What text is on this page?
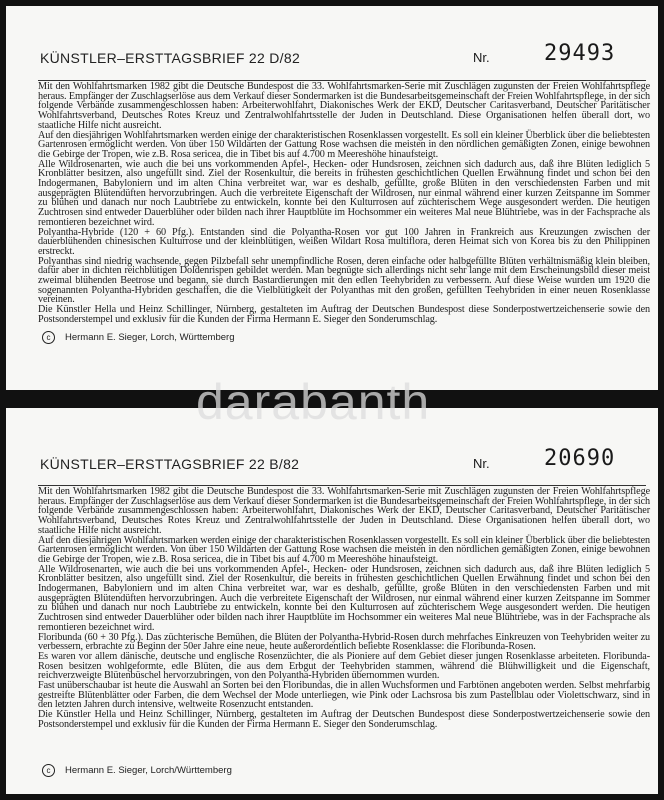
KÜNSTLER–ERSTTAGSBRIEF 22 D/82	Nr. 29493

Mit den Wohlfahrtsmarken 1982 gibt die Deutsche Bundespost die 33. Wohlfahrtsmarken-Serie mit Zuschlägen zugunsten der Freien Wohlfahrtspflege heraus. Empfänger der Zuschlagserlöse aus dem Verkauf dieser Sondermarken ist die Bundesarbeitsgemeinschaft der Freien Wohlfahrtspflege, in der sich folgende Verbände zusammengeschlossen haben: Arbeiterwohlfahrt, Diakonisches Werk der EKD, Deutscher Caritasverband, Deutscher Paritätischer Wohlfahrtsverband, Deutsches Rotes Kreuz und Zentralwohlfahrtsstelle der Juden in Deutschland. Diese Organisationen helfen überall dort, wo staatliche Hilfe nicht ausreicht.

Auf den diesjährigen Wohlfahrtsmarken werden einige der charakteristischen Rosenklassen vorgestellt. Es soll ein kleiner Überblick über die beliebtesten Gartenrosen ermöglicht werden. Von über 150 Wildarten der Gattung Rose wachsen die meisten in den nördlichen gemäßigten Zonen, einige bewohnen die Gebirge der Tropen, wie z.B. Rosa sericea, die in Tibet bis auf 4.700 m Meereshöhe hinaufsteigt.

Alle Wildrosenarten, wie auch die bei uns vorkommenden Apfel-, Hecken- oder Hundsrosen, zeichnen sich dadurch aus, daß ihre Blüten lediglich 5 Kronblätter besitzen, also ungefüllt sind. Ziel der Rosenkultur, die bereits in frühesten geschichtlichen Quellen Erwähnung findet und schon bei den Indogermanen, Babyloniern und im alten China verbreitet war, war es deshalb, gefüllte, große Blüten in den verschiedensten Farben und mit ausgeprägten Blütendüften hervorzubringen. Auch die verbreitete Eigenschaft der Wildrosen, nur einmal während einer kurzen Zeitspanne im Sommer zu blühen und danach nur noch Laubtriebe zu entwickeln, konnte bei den Kulturrosen auf züchterischem Wege ausgesondert werden. Die heutigen Zuchtrosen sind entweder Dauerblüher oder bilden nach ihrer Hauptblüte im Hochsommer ein weiteres Mal neue Blühtriebe, was in der Fachsprache als remontieren bezeichnet wird.

Polyantha-Hybride (120 + 60 Pfg.). Entstanden sind die Polyantha-Rosen vor gut 100 Jahren in Frankreich aus Kreuzungen zwischen der dauerblühenden chinesischen Kulturrose und der kleinblütigen, weißen Wildart Rosa multiflora, deren Heimat sich von Korea bis zu den Philippinen erstreckt.

Polyanthas sind niedrig wachsende, gegen Pilzbefall sehr unempfindliche Rosen, deren einfache oder halbgefüllte Blüten verhältnismäßig klein bleiben, dafür aber in dichten reichblütigen Doldenrispen gebildet werden. Man begnügte sich allerdings nicht sehr lange mit dem Erscheinungsbild dieser meist zweimal blühenden Beetrose und begann, sie durch Bastardierungen mit den edlen Teehybriden zu verbessern. Auf diese Weise wurden um 1920 die sogenannten Polyantha-Hybriden geschaffen, die die Vielblütigkeit der Polyanthas mit den großen, gefüllten Teehybriden in einer neuen Rosenklasse vereinen.

Die Künstler Hella und Heinz Schillinger, Nürnberg, gestalteten im Auftrag der Deutschen Bundespost diese Sonderpostwertzeichenserie sowie den Postsonderstempel und exklusiv für die Kunden der Firma Hermann E. Sieger den Sonderumschlag.

c	Hermann E. Sieger, Lorch, Württemberg
KÜNSTLER–ERSTTAGSBRIEF 22 B/82	Nr. 20690

Mit den Wohlfahrtsmarken 1982 gibt die Deutsche Bundespost die 33. Wohlfahrtsmarken-Serie mit Zuschlägen zugunsten der Freien Wohlfahrtspflege heraus. Empfänger der Zuschlagserlöse aus dem Verkauf dieser Sondermarken ist die Bundesarbeitsgemeinschaft der Freien Wohlfahrtspflege, in der sich folgende Verbände zusammengeschlossen haben: Arbeiterwohlfahrt, Diakonisches Werk der EKD, Deutscher Caritasverband, Deutscher Paritätischer Wohlfahrtsverband, Deutsches Rotes Kreuz und Zentralwohlfahrtsstelle der Juden in Deutschland. Diese Organisationen helfen überall dort, wo staatliche Hilfe nicht ausreicht.

Auf den diesjährigen Wohlfahrtsmarken werden einige der charakteristischen Rosenklassen vorgestellt. Es soll ein kleiner Überblick über die beliebtesten Gartenrosen ermöglicht werden. Von über 150 Wildarten der Gattung Rose wachsen die meisten in den nördlichen gemäßigten Zonen, einige bewohnen die Gebirge der Tropen, wie z.B. Rosa sericea, die in Tibet bis auf 4.700 m Meereshöhe hinaufsteigt.

Alle Wildrosenarten, wie auch die bei uns vorkommenden Apfel-, Hecken- oder Hundsrosen, zeichnen sich dadurch aus, daß ihre Blüten lediglich 5 Kronblätter besitzen, also ungefüllt sind. Ziel der Rosenkultur, die bereits in frühesten geschichtlichen Quellen Erwähnung findet und schon bei den Indogermanen, Babyloniern und im alten China verbreitet war, war es deshalb, gefüllte, große Blüten in den verschiedensten Farben und mit ausgeprägten Blütendüften hervorzubringen. Auch die verbreitete Eigenschaft der Wildrosen, nur einmal während einer kurzen Zeitspanne im Sommer zu blühen und danach nur noch Laubtriebe zu entwickeln, konnte bei den Kulturrosen auf züchterischem Wege ausgesondert werden. Die heutigen Zuchtrosen sind entweder Dauerblüher oder bilden nach ihrer Hauptblüte im Hochsommer ein weiteres Mal neue Blühtriebe, was in der Fachsprache als remontieren bezeichnet wird.

Floribunda (60 + 30 Pfg.). Das züchterische Bemühen, die Blüten der Polyantha-Hybrid-Rosen durch mehrfaches Einkreuzen von Teehybriden weiter zu verbessern, erbrachte zu Beginn der 50er Jahre eine neue, heute außerordentlich beliebte Rosenklasse: die Floribunda-Rosen.

Es waren vor allem dänische, deutsche und englische Rosenzüchter, die als Pioniere auf dem Gebiet dieser jungen Rosenklasse arbeiteten. Floribunda-Rosen besitzen wohlgeformte, edle Blüten, die aus dem Erbgut der Teehybriden stammen, während die Blühwilligkeit und die Eigenschaft, reichverzweigte Blütenbüschel hervorzubringen, von den Polyantha-Hybriden übernommen wurden.

Fast unüberschaubar ist heute die Auswahl an Sorten bei den Floribundas, die in allen Wuchsformen und Farbtönen angeboten werden. Selbst mehrfarbig gestreifte Blütenblätter oder Farben, die dem Wechsel der Mode unterliegen, wie Pink oder Lachsrosa bis zum Pastellblau oder Violettschwarz, sind in den letzten Jahren durch intensive, weltweite Rosenzucht entstanden.

Die Künstler Hella und Heinz Schillinger, Nürnberg, gestalteten im Auftrag der Deutschen Bundespost diese Sonderpostwertzeichenserie sowie den Postsonderstempel und exklusiv für die Kunden der Firma Hermann E. Sieger den Sonderumschlag.

c	Hermann E. Sieger, Lorch/Württemberg
darabanth
